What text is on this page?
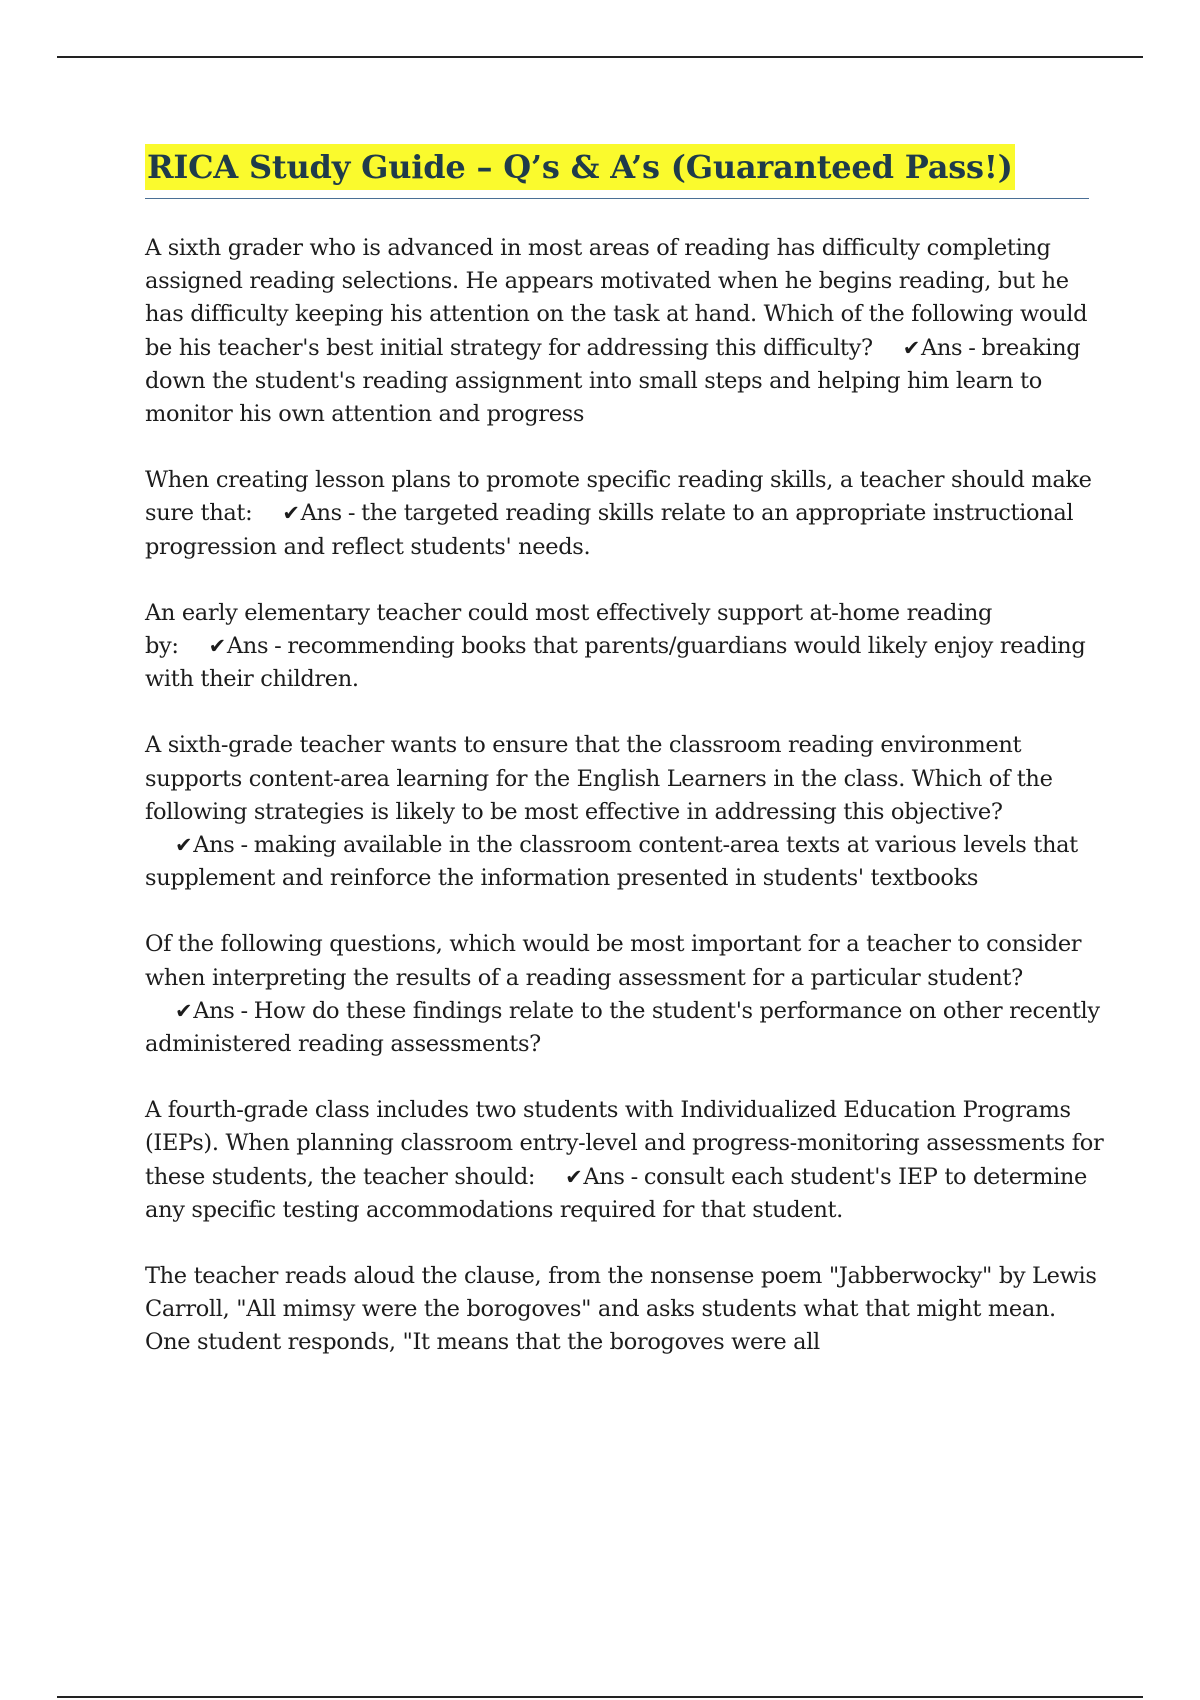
RICA Study Guide – Q’s & A’s (Guaranteed Pass!)

A sixth grader who is advanced in most areas of reading has difficulty completing assigned reading selections. He appears motivated when he begins reading, but he has difficulty keeping his attention on the task at hand. Which of the following would be his teacher's best initial strategy for addressing this difficulty? ✔Ans - breaking down the student's reading assignment into small steps and helping him learn to monitor his own attention and progress

When creating lesson plans to promote specific reading skills, a teacher should make sure that: ✔Ans - the targeted reading skills relate to an appropriate instructional progression and reflect students' needs.

An early elementary teacher could most effectively support at-home reading by: ✔Ans - recommending books that parents/guardians would likely enjoy reading with their children.

A sixth-grade teacher wants to ensure that the classroom reading environment supports content-area learning for the English Learners in the class. Which of the following strategies is likely to be most effective in addressing this objective?✔Ans - making available in the classroom content-area texts at various levels that supplement and reinforce the information presented in students' textbooks

Of the following questions, which would be most important for a teacher to consider when interpreting the results of a reading assessment for a particular student?✔Ans - How do these findings relate to the student's performance on other recently administered reading assessments?

A fourth-grade class includes two students with Individualized Education Programs (IEPs). When planning classroom entry-level and progress-monitoring assessments for these students, the teacher should: ✔Ans - consult each student's IEP to determine any specific testing accommodations required for that student.

The teacher reads aloud the clause, from the nonsense poem "Jabberwocky" by Lewis Carroll, "All mimsy were the borogoves" and asks students what that might mean. One student responds, "It means that the borogoves were all
